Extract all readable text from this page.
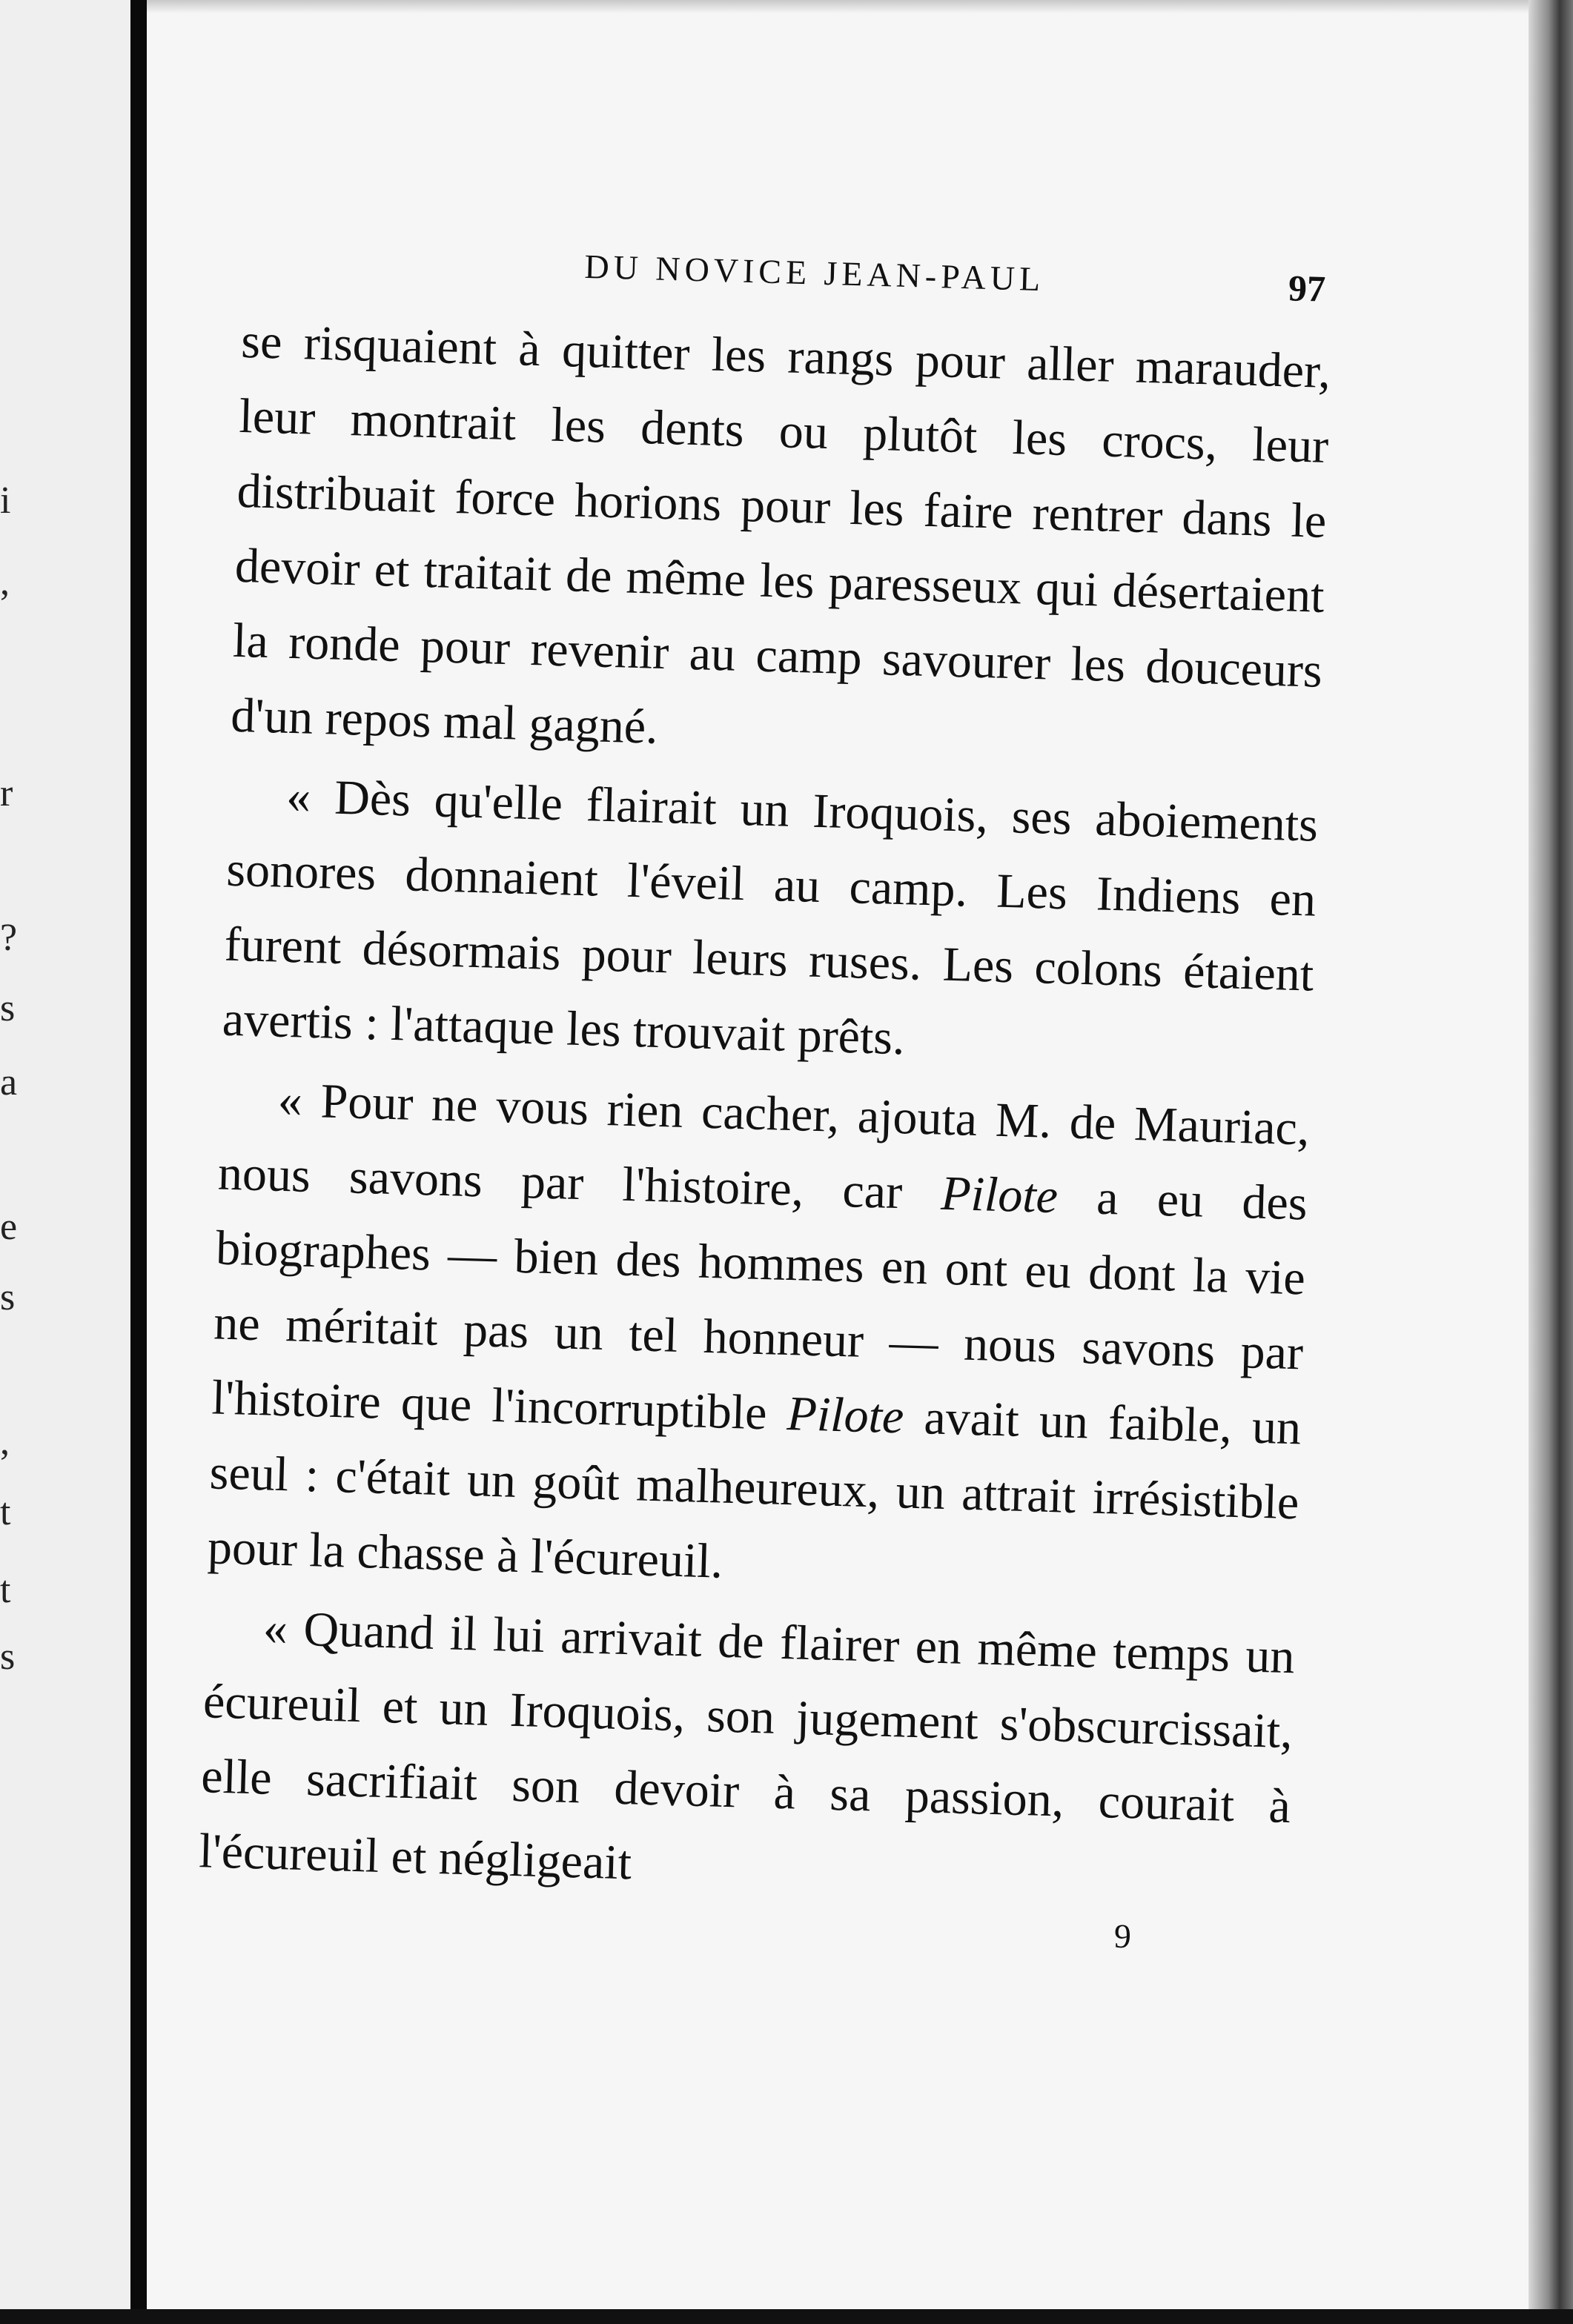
i
,
r
?
s
a
e
s
,
t
t
s
DU NOVICE JEAN-PAUL	97

se risquaient à quitter les rangs pour aller marauder, leur montrait les dents ou plutôt les crocs, leur distribuait force horions pour les faire rentrer dans le devoir et traitait de même les paresseux qui désertaient la ronde pour revenir au camp savourer les douceurs d'un repos mal gagné.

« Dès qu'elle flairait un Iroquois, ses aboiements sonores donnaient l'éveil au camp. Les Indiens en furent désormais pour leurs ruses. Les colons étaient avertis : l'attaque les trouvait prêts.

« Pour ne vous rien cacher, ajouta M. de Mauriac, nous savons par l'histoire, car Pilote a eu des biographes — bien des hommes en ont eu dont la vie ne méritait pas un tel honneur — nous savons par l'histoire que l'incorruptible Pilote avait un faible, un seul : c'était un goût malheureux, un attrait irrésistible pour la chasse à l'écureuil.

« Quand il lui arrivait de flairer en même temps un écureuil et un Iroquois, son jugement s'obscurcissait, elle sacrifiait son devoir à sa passion, courait à l'écureuil et négligeait

9
